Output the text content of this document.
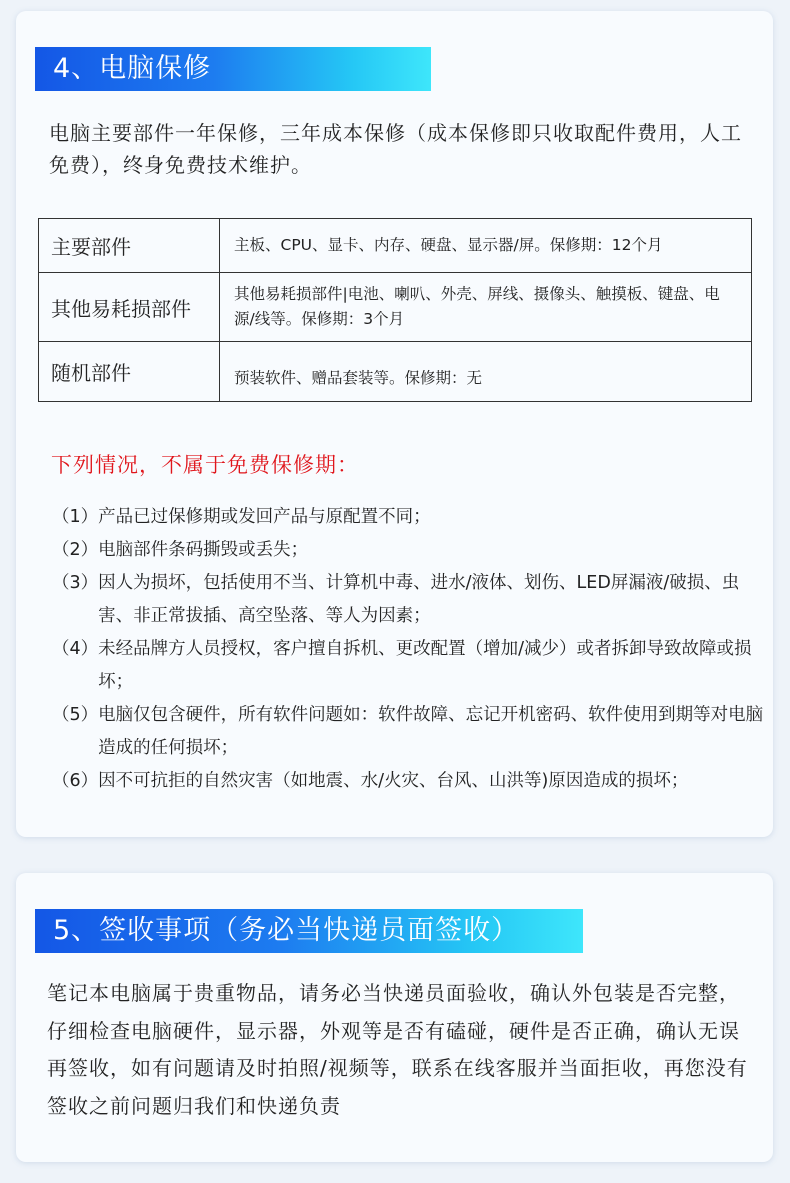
4、电脑保修
电脑主要部件一年保修，三年成本保修（成本保修即只收取配件费用，人工免费），终身免费技术维护。
主要部件	主板、CPU、显卡、内存、硬盘、显示器/屏。保修期：12个月
其他易耗损部件	其他易耗损部件|电池、喇叭、外壳、屏线、摄像头、触摸板、键盘、电源/线等。保修期：3个月
随机部件	预装软件、赠品套装等。保修期：无
下列情况，不属于免费保修期：
（1） 产品已过保修期或发回产品与原配置不同；
（2） 电脑部件条码撕毁或丢失；
（3） 因人为损坏，包括使用不当、计算机中毒、进水/液体、划伤、LED屏漏液/破损、虫害、非正常拔插、高空坠落、等人为因素；
（4） 未经品牌方人员授权，客户擅自拆机、更改配置（增加/减少）或者拆卸导致故障或损坏；
（5） 电脑仅包含硬件，所有软件问题如：软件故障、忘记开机密码、软件使用到期等对电脑造成的任何损坏；
（6） 因不可抗拒的自然灾害（如地震、水/火灾、台风、山洪等)原因造成的损坏；
5、签收事项（务必当快递员面签收）
笔记本电脑属于贵重物品，请务必当快递员面验收，确认外包装是否完整，仔细检查电脑硬件，显示器，外观等是否有磕碰，硬件是否正确，确认无误再签收，如有问题请及时拍照/视频等，联系在线客服并当面拒收，再您没有签收之前问题归我们和快递负责
